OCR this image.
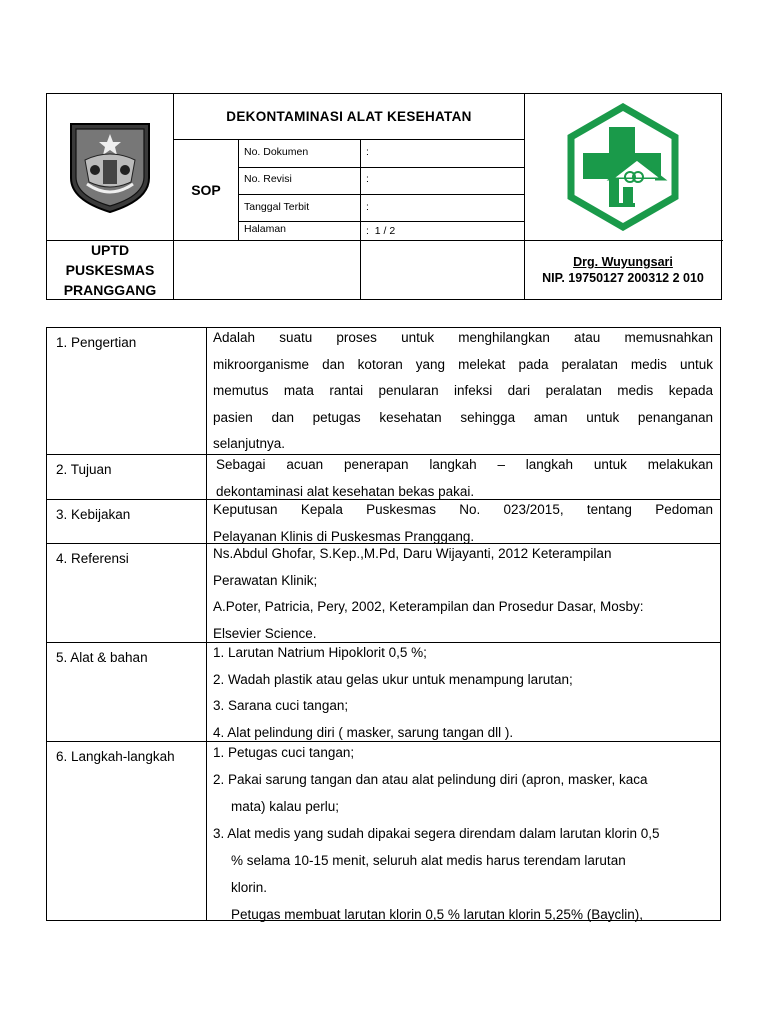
DEKONTAMINASI ALAT KESEHATAN
SOP
No. Dokumen	:
No. Revisi	:
Tanggal Terbit	:
Halaman	:  1 / 2
UPTD
PUSKESMAS
PRANGGANG
Drg. Wuyungsari
NIP. 19750127 200312 2 010
1. Pengertian	Adalah suatu proses untuk menghilangkan atau memusnahkan
mikroorganisme dan kotoran yang melekat pada peralatan medis untuk
memutus mata rantai penularan infeksi dari peralatan medis kepada
pasien dan petugas kesehatan sehingga aman untuk penanganan
selanjutnya.
2. Tujuan	Sebagai acuan penerapan langkah – langkah untuk melakukan
dekontaminasi alat kesehatan bekas pakai.
3. Kebijakan	Keputusan Kepala Puskesmas No. 023/2015, tentang Pedoman
Pelayanan Klinis di Puskesmas Pranggang.
4. Referensi	Ns.Abdul Ghofar, S.Kep.,M.Pd, Daru Wijayanti, 2012 Keterampilan
Perawatan Klinik;
A.Poter, Patricia, Pery, 2002, Keterampilan dan Prosedur Dasar, Mosby:
Elsevier Science.
5. Alat & bahan	1. Larutan Natrium Hipoklorit 0,5 %;
2. Wadah plastik atau gelas ukur untuk menampung larutan;
3. Sarana cuci tangan;
4. Alat pelindung diri ( masker, sarung tangan dll ).
6. Langkah-langkah	1. Petugas cuci tangan;
2. Pakai sarung tangan dan atau alat pelindung diri (apron, masker, kaca
mata) kalau perlu;
3. Alat medis yang sudah dipakai segera direndam dalam larutan klorin 0,5
% selama 10-15 menit, seluruh alat medis harus terendam larutan
klorin.
Petugas membuat larutan klorin 0,5 % larutan klorin 5,25% (Bayclin),
